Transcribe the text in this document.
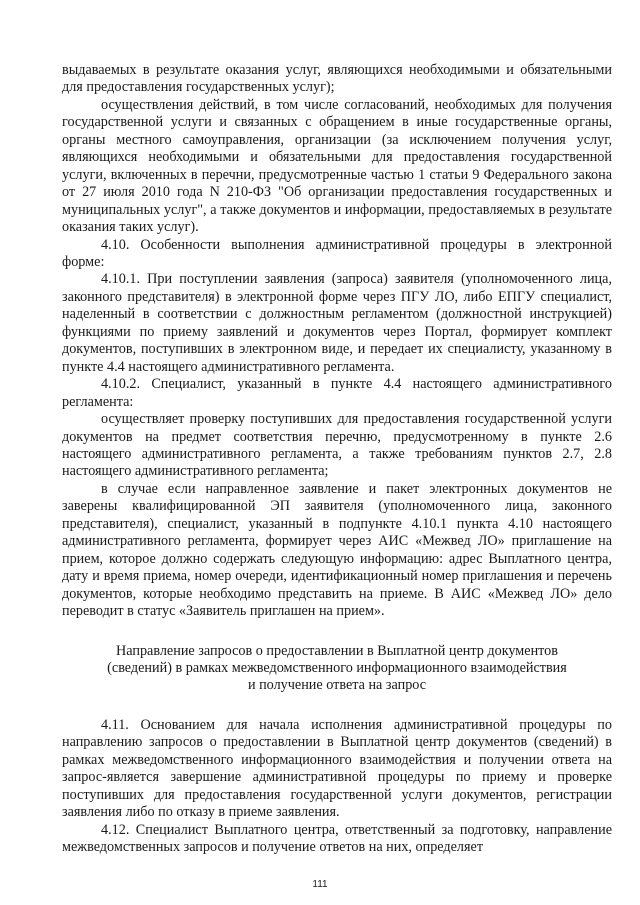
выдаваемых в результате оказания услуг, являющихся необходимыми и обязательными для предоставления государственных услуг);

осуществления действий, в том числе согласований, необходимых для получения государственной услуги и связанных с обращением в иные государственные органы, органы местного самоуправления, организации (за исключением получения услуг, являющихся необходимыми и обязательными для предоставления государственной услуги, включенных в перечни, предусмотренные частью 1 статьи 9 Федерального закона от 27 июля 2010 года N 210-ФЗ "Об организации предоставления государственных и муниципальных услуг", а также документов и информации, предоставляемых в результате оказания таких услуг).

4.10. Особенности выполнения административной процедуры в электронной форме:

4.10.1. При поступлении заявления (запроса) заявителя (уполномоченного лица, законного представителя) в электронной форме через ПГУ ЛО, либо ЕПГУ специалист, наделенный в соответствии с должностным регламентом (должностной инструкцией) функциями по приему заявлений и документов через Портал, формирует комплект документов, поступивших в электронном виде, и передает их специалисту, указанному в пункте 4.4 настоящего административного регламента.

4.10.2. Специалист, указанный в пункте 4.4 настоящего административного регламента:

осуществляет проверку поступивших для предоставления государственной услуги документов на предмет соответствия перечню, предусмотренному в пункте 2.6 настоящего административного регламента, а также требованиям пунктов 2.7, 2.8 настоящего административного регламента;

в случае если направленное заявление и пакет электронных документов не заверены квалифицированной ЭП заявителя (уполномоченного лица, законного представителя), специалист, указанный в подпункте 4.10.1 пункта 4.10 настоящего административного регламента, формирует через АИС «Межвед ЛО» приглашение на прием, которое должно содержать следующую информацию: адрес Выплатного центра, дату и время приема, номер очереди, идентификационный номер приглашения и перечень документов, которые необходимо представить на приеме. В АИС «Межвед ЛО» дело переводит в статус «Заявитель приглашен на прием».

Направление запросов о предоставлении в Выплатной центр документов
(сведений) в рамках межведомственного информационного взаимодействия
и получение ответа на запрос

4.11. Основанием для начала исполнения административной процедуры по направлению запросов о предоставлении в Выплатной центр документов (сведений) в рамках межведомственного информационного взаимодействия и получении ответа на запрос-является завершение административной процедуры по приему и проверке поступивших для предоставления государственной услуги документов, регистрации заявления либо по отказу в приеме заявления.

4.12. Специалист Выплатного центра, ответственный за подготовку, направление межведомственных запросов и получение ответов на них, определяет

111
